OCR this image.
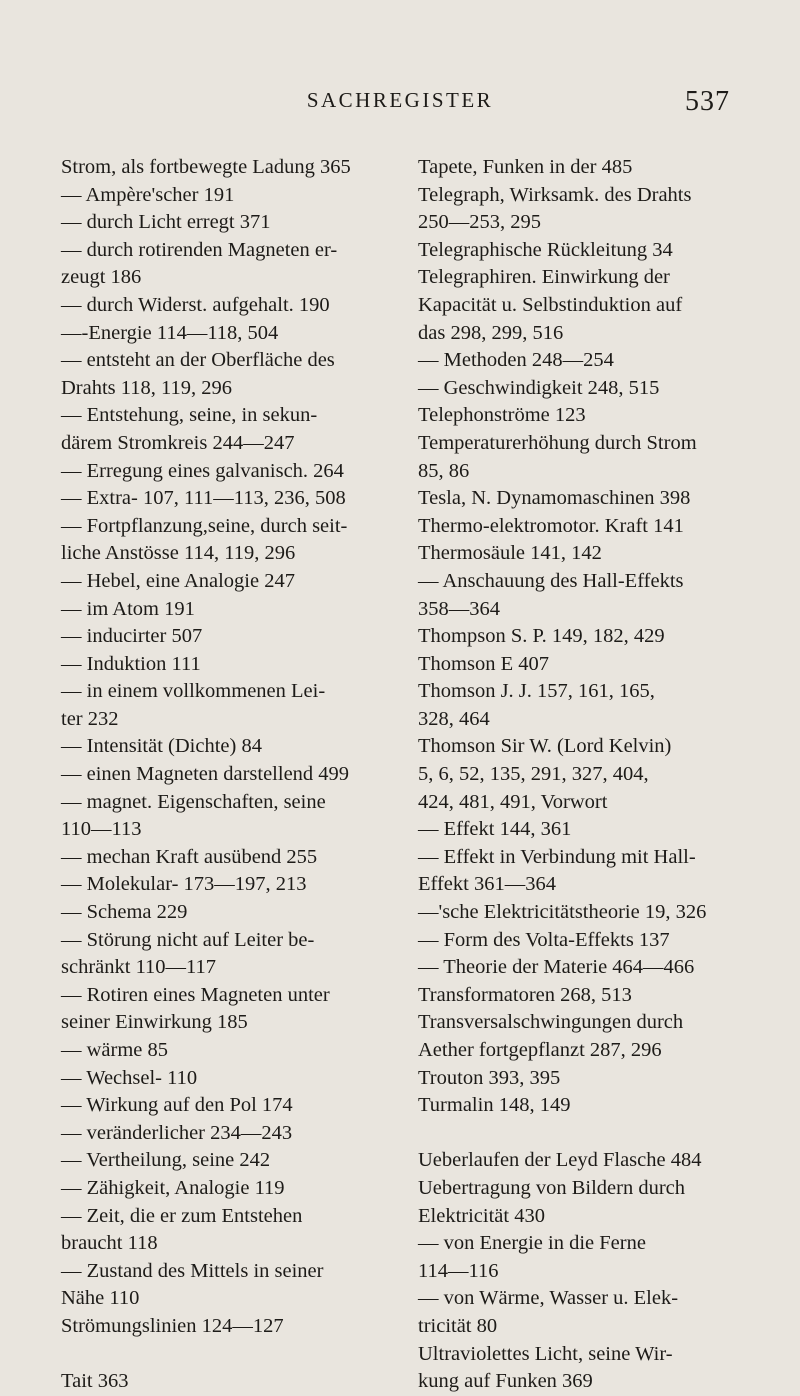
SACHREGISTER	537
Strom, als fortbewegte Ladung 365
— Ampère'scher 191
— durch Licht erregt 371
— durch rotirenden Magneten er-
zeugt 186
— durch Widerst. aufgehalt. 190
—-Energie 114—118, 504
— entsteht an der Oberfläche des
Drahts 118, 119, 296
— Entstehung, seine, in sekun-
därem Stromkreis 244—247
— Erregung eines galvanisch. 264
— Extra- 107, 111—113, 236, 508
— Fortpflanzung,seine, durch seit-
liche Anstösse 114, 119, 296
— Hebel, eine Analogie 247
— im Atom 191
— inducirter 507
— Induktion 111
— in einem vollkommenen Lei-
ter 232
— Intensität (Dichte) 84
— einen Magneten darstellend 499
— magnet. Eigenschaften, seine
110—113
— mechan Kraft ausübend 255
— Molekular- 173—197, 213
— Schema 229
— Störung nicht auf Leiter be-
schränkt 110—117
— Rotiren eines Magneten unter
seiner Einwirkung 185
— wärme 85
— Wechsel- 110
— Wirkung auf den Pol 174
— veränderlicher 234—243
— Vertheilung, seine 242
— Zähigkeit, Analogie 119
— Zeit, die er zum Entstehen
braucht 118
— Zustand des Mittels in seiner
Nähe 110
Strömungslinien 124—127
Tait 363
Tapete, Funken in der 485
Telegraph, Wirksamk. des Drahts
250—253, 295
Telegraphische Rückleitung 34
Telegraphiren. Einwirkung der
Kapacität u. Selbstinduktion auf
das 298, 299, 516
— Methoden 248—254
— Geschwindigkeit 248, 515
Telephonströme 123
Temperaturerhöhung durch Strom
85, 86
Tesla, N. Dynamomaschinen 398
Thermo-elektromotor. Kraft 141
Thermosäule 141, 142
— Anschauung des Hall-Effekts
358—364
Thompson S. P. 149, 182, 429
Thomson E 407
Thomson J. J. 157, 161, 165,
328, 464
Thomson Sir W. (Lord Kelvin)
5, 6, 52, 135, 291, 327, 404,
424, 481, 491, Vorwort
— Effekt 144, 361
— Effekt in Verbindung mit Hall-
Effekt 361—364
—'sche Elektricitätstheorie 19, 326
— Form des Volta-Effekts 137
— Theorie der Materie 464—466
Transformatoren 268, 513
Transversalschwingungen durch
Aether fortgepflanzt 287, 296
Trouton 393, 395
Turmalin 148, 149
Ueberlaufen der Leyd Flasche 484
Uebertragung von Bildern durch
Elektricität 430
— von Energie in die Ferne
114—116
— von Wärme, Wasser u. Elek-
tricität 80
Ultraviolettes Licht, seine Wir-
kung auf Funken 369
